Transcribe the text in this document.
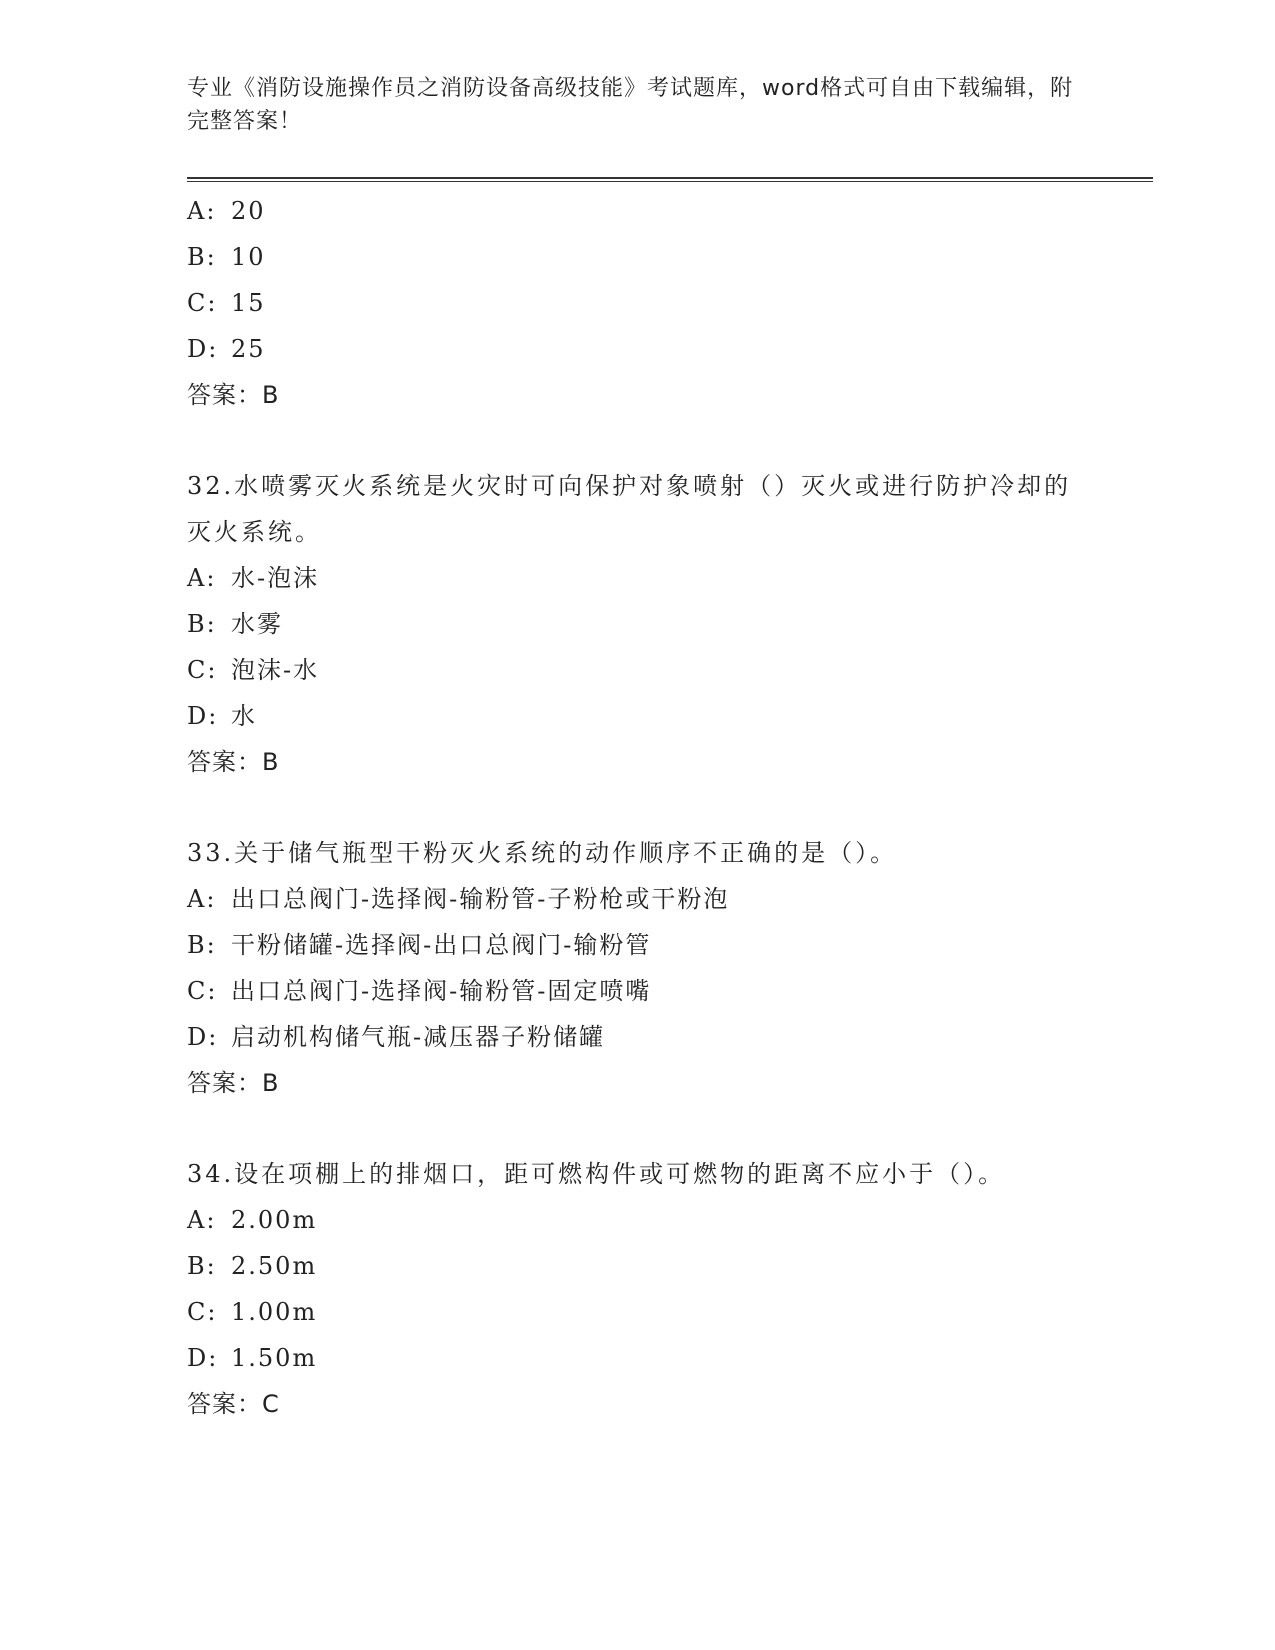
专业《消防设施操作员之消防设备高级技能》考试题库，word格式可自由下载编辑，附完整答案！
A: 20
B: 10
C: 15
D: 25
答案：B
32.水喷雾灭火系统是火灾时可向保护对象喷射（）灭火或进行防护冷却的灭火系统。
A: 水-泡沫
B: 水雾
C: 泡沫-水
D: 水
答案：B
33.关于储气瓶型干粉灭火系统的动作顺序不正确的是（）。
A: 出口总阀门-选择阀-输粉管-子粉枪或干粉泡
B: 干粉储罐-选择阀-出口总阀门-输粉管
C: 出口总阀门-选择阀-输粉管-固定喷嘴
D: 启动机构储气瓶-减压器子粉储罐
答案：B
34.设在项棚上的排烟口，距可燃构件或可燃物的距离不应小于（）。
A: 2.00m
B: 2.50m
C: 1.00m
D: 1.50m
答案：C
